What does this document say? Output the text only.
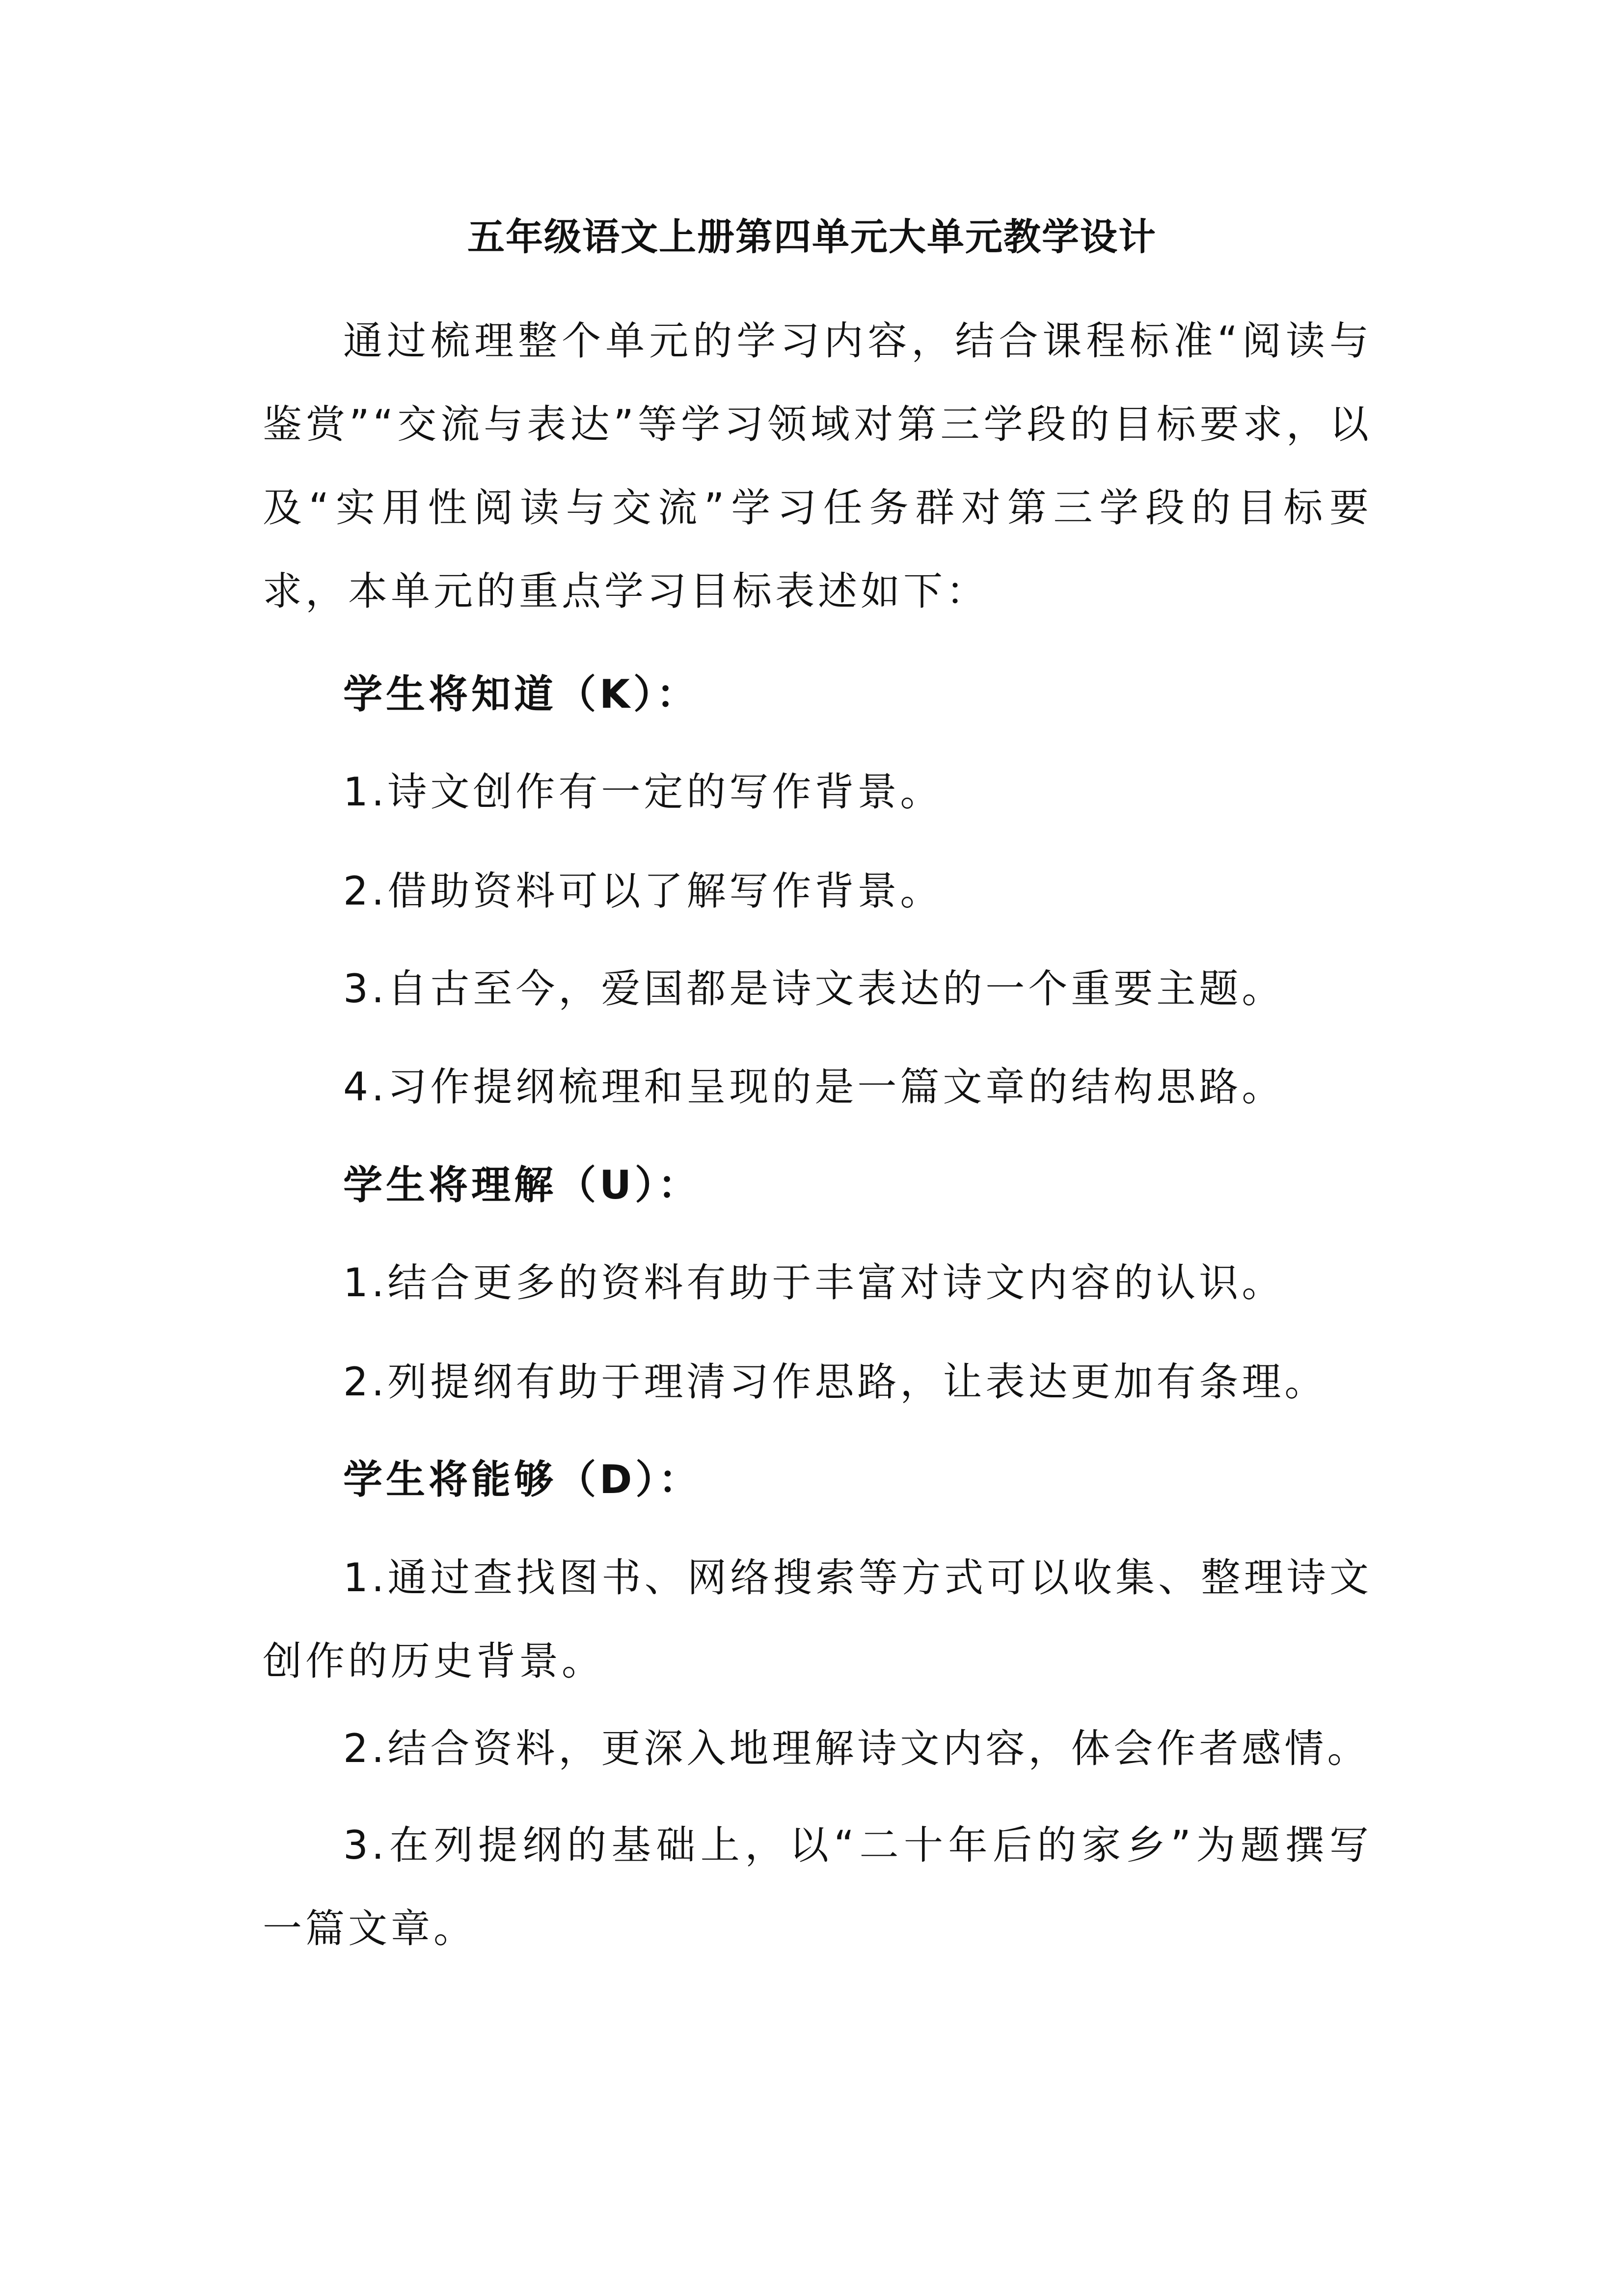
五年级语文上册第四单元大单元教学设计

通过梳理整个单元的学习内容，结合课程标准“阅读与鉴赏”“交流与表达”等学习领域对第三学段的目标要求，以及“实用性阅读与交流”学习任务群对第三学段的目标要求，本单元的重点学习目标表述如下：

学生将知道（K）：

1.诗文创作有一定的写作背景。

2.借助资料可以了解写作背景。

3.自古至今，爱国都是诗文表达的一个重要主题。

4.习作提纲梳理和呈现的是一篇文章的结构思路。

学生将理解（U）：

1.结合更多的资料有助于丰富对诗文内容的认识。

2.列提纲有助于理清习作思路，让表达更加有条理。

学生将能够（D）：

1.通过查找图书、网络搜索等方式可以收集、整理诗文创作的历史背景。

2.结合资料，更深入地理解诗文内容，体会作者感情。

3.在列提纲的基础上，以“二十年后的家乡”为题撰写一篇文章。
